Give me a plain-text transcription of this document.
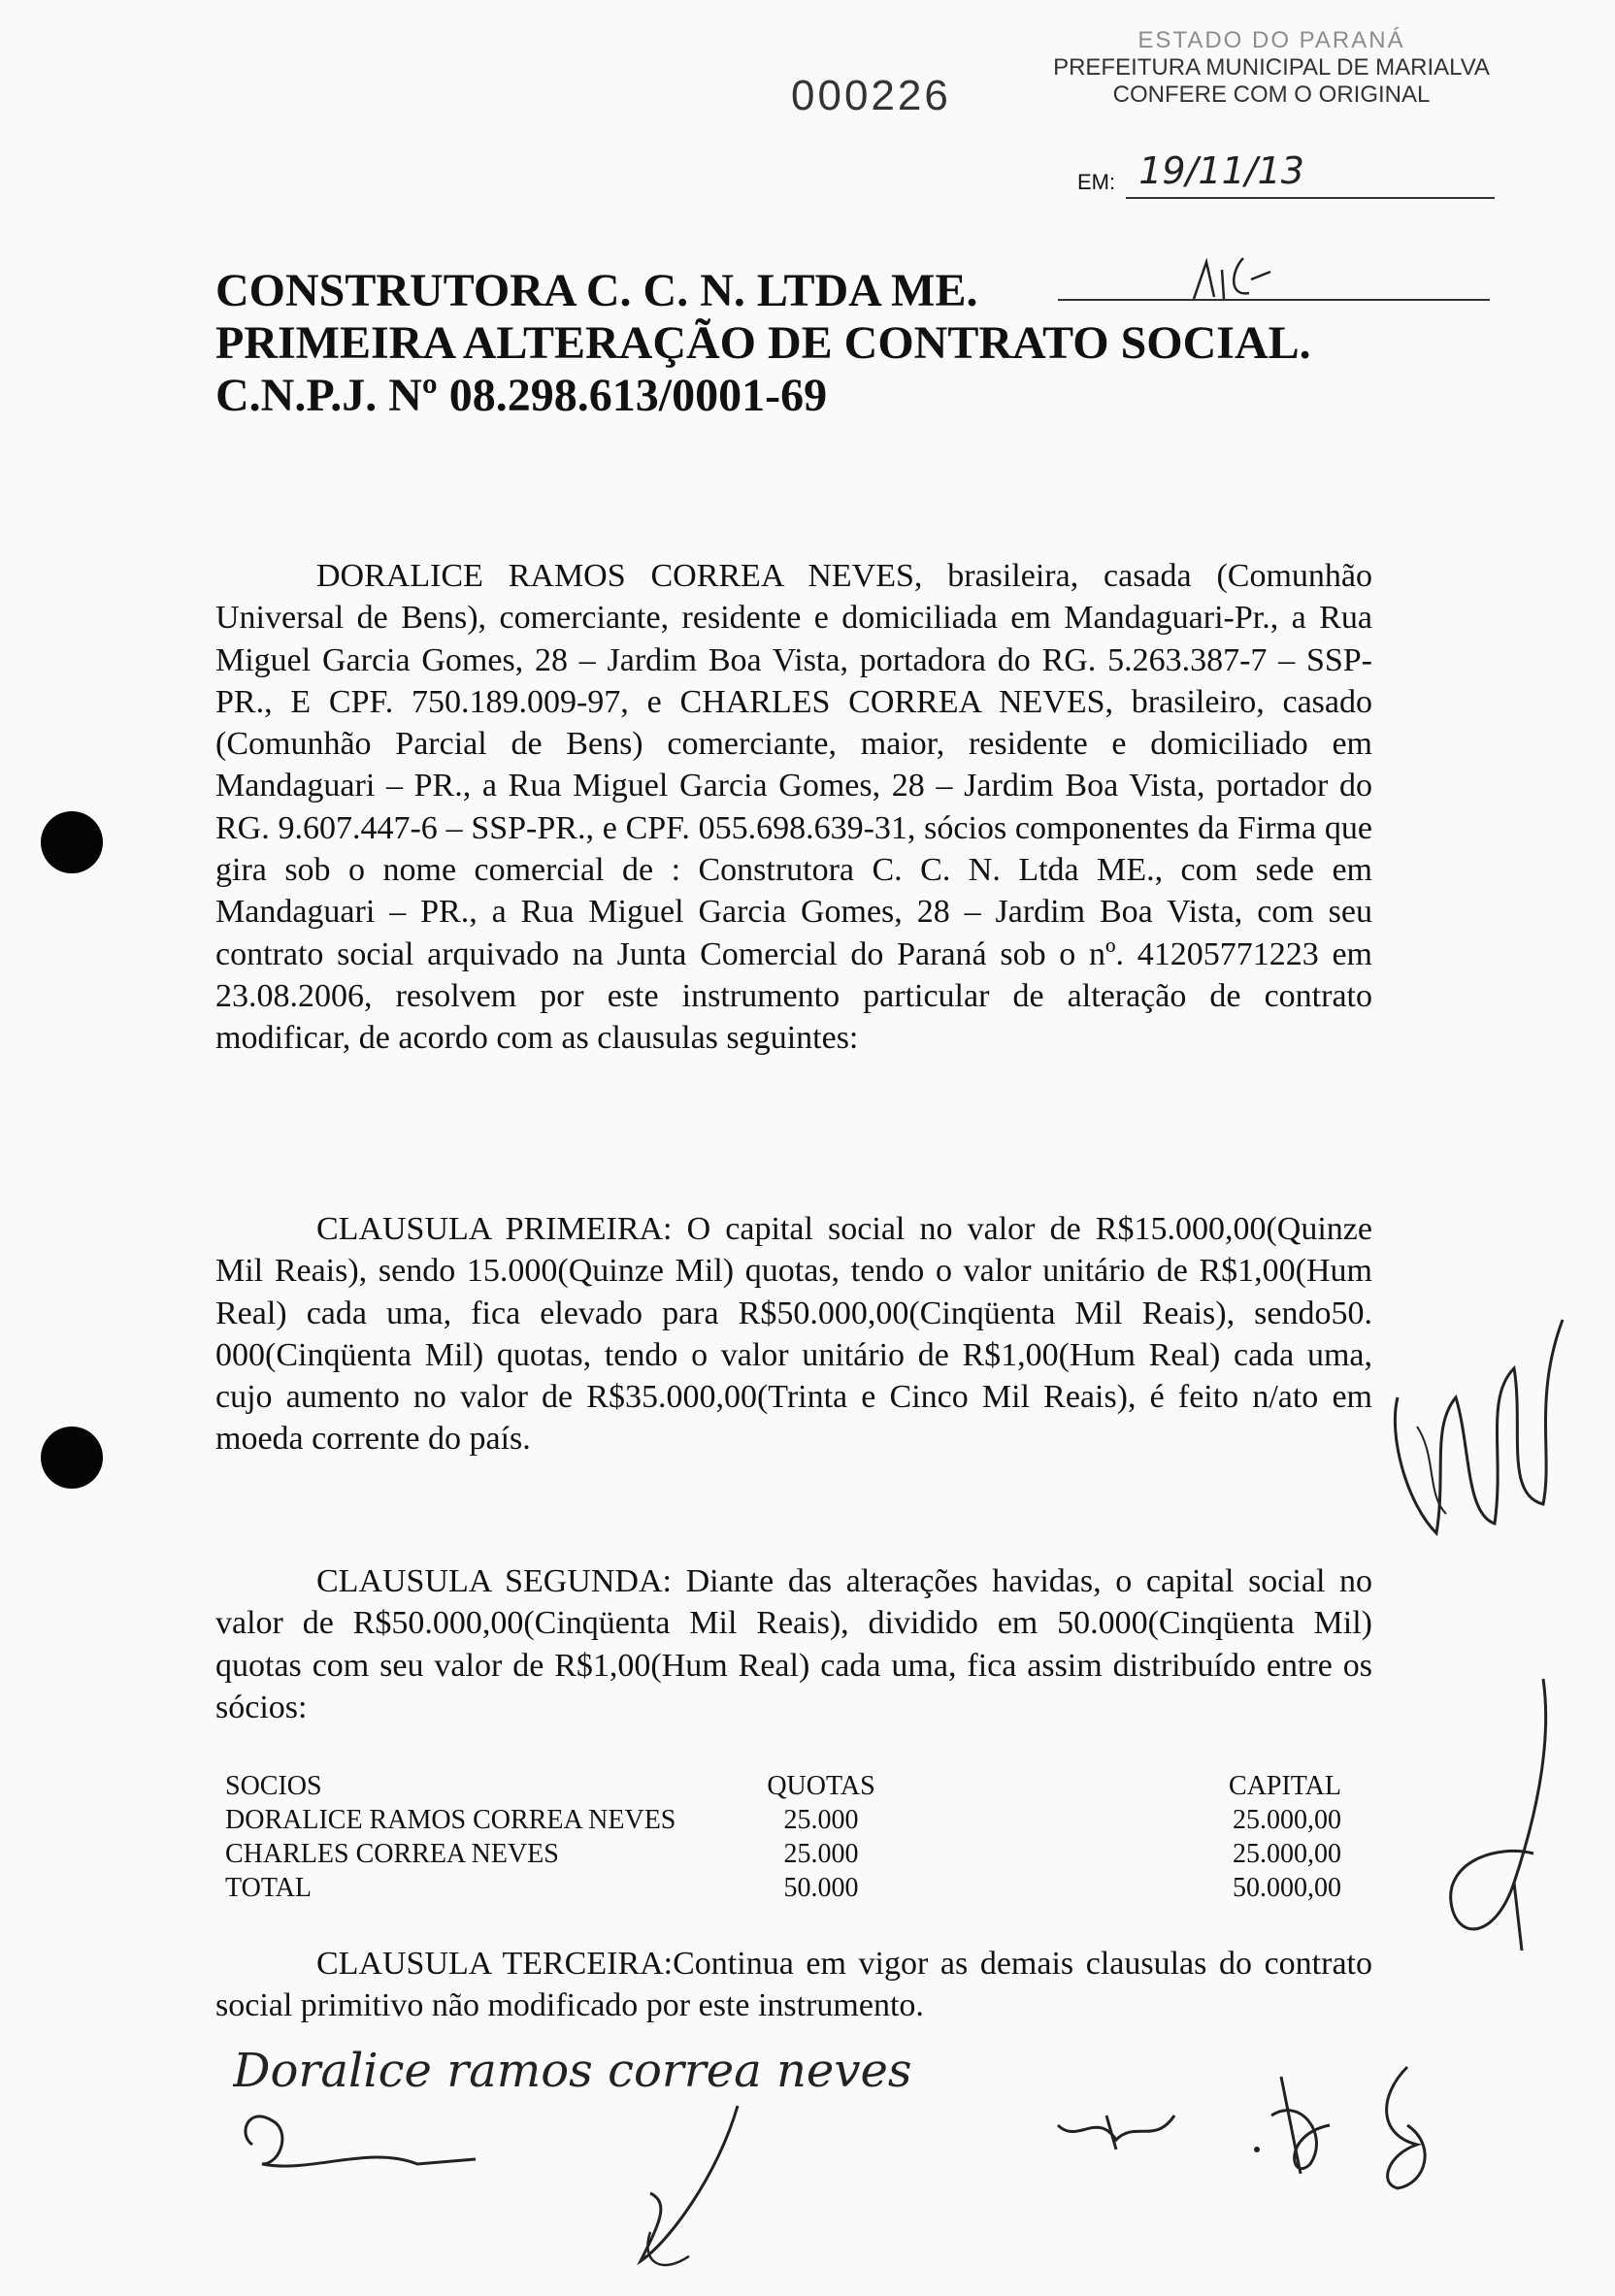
000226
ESTADO DO PARANÁ
PREFEITURA MUNICIPAL DE MARIALVA
CONFERE COM O ORIGINAL
EM: 19/11/13
CONSTRUTORA C. C. N. LTDA ME.
PRIMEIRA ALTERAÇÃO DE CONTRATO SOCIAL.
C.N.P.J. Nº 08.298.613/0001-69

DORALICE RAMOS CORREA NEVES, brasileira, casada (Comunhão Universal de Bens), comerciante, residente e domiciliada em Mandaguari-Pr., a Rua Miguel Garcia Gomes, 28 – Jardim Boa Vista, portadora do RG. 5.263.387-7 – SSP-PR., E CPF. 750.189.009-97, e CHARLES CORREA NEVES, brasileiro, casado (Comunhão Parcial de Bens) comerciante, maior, residente e domiciliado em Mandaguari – PR., a Rua Miguel Garcia Gomes, 28 – Jardim Boa Vista, portador do RG. 9.607.447-6 – SSP-PR., e CPF. 055.698.639-31, sócios componentes da Firma que gira sob o nome comercial de : Construtora C. C. N. Ltda ME., com sede em Mandaguari – PR., a Rua Miguel Garcia Gomes, 28 – Jardim Boa Vista, com seu contrato social arquivado na Junta Comercial do Paraná sob o nº. 41205771223 em 23.08.2006, resolvem por este instrumento particular de alteração de contrato modificar, de acordo com as clausulas seguintes:

CLAUSULA PRIMEIRA: O capital social no valor de R$15.000,00(Quinze Mil Reais), sendo 15.000(Quinze Mil) quotas, tendo o valor unitário de R$1,00(Hum Real) cada uma, fica elevado para R$50.000,00(Cinqüenta Mil Reais), sendo50. 000(Cinqüenta Mil) quotas, tendo o valor unitário de R$1,00(Hum Real) cada uma, cujo aumento no valor de R$35.000,00(Trinta e Cinco Mil Reais), é feito n/ato em moeda corrente do país.

CLAUSULA SEGUNDA: Diante das alterações havidas, o capital social no valor de R$50.000,00(Cinqüenta Mil Reais), dividido em 50.000(Cinqüenta Mil) quotas com seu valor de R$1,00(Hum Real) cada uma, fica assim distribuído entre os sócios:

SOCIOS	QUOTAS	CAPITAL
DORALICE RAMOS CORREA NEVES	25.000	25.000,00
CHARLES CORREA NEVES	25.000	25.000,00
TOTAL	50.000	50.000,00

CLAUSULA TERCEIRA:Continua em vigor as demais clausulas do contrato social primitivo não modificado por este instrumento.

Doralice ramos correa neves
